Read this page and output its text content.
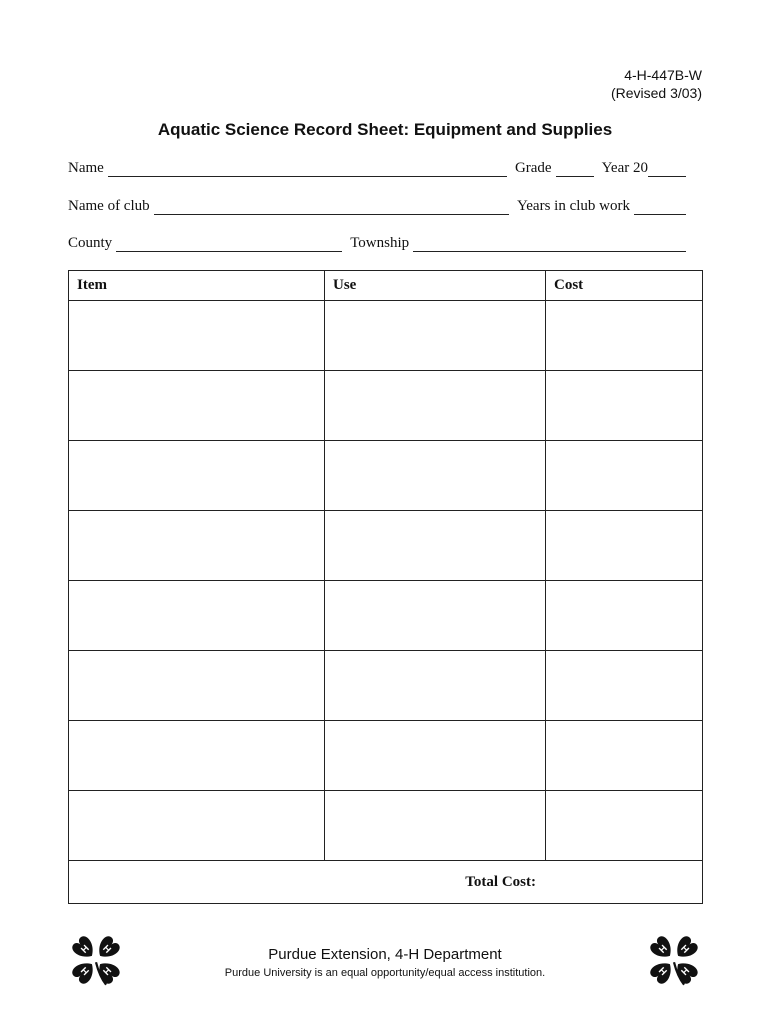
4-H-447B-W
(Revised 3/03)
Aquatic Science Record Sheet: Equipment and Supplies
Name	Grade	Year 20
Name of club	Years in club work
County	Township
Item	Use	Cost

Total Cost:		
H H
H H
Purdue Extension, 4-H Department
Purdue University is an equal opportunity/equal access institution.
H H
H H
